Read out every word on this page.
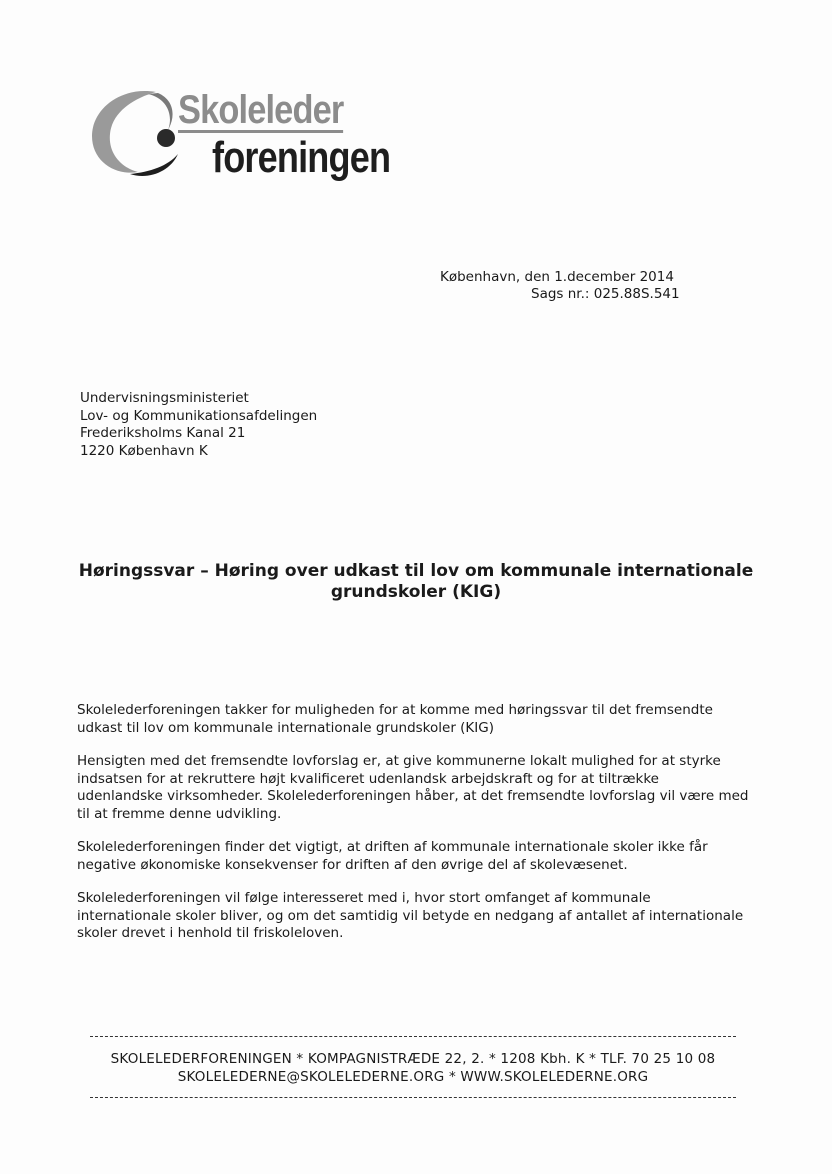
Skoleleder
foreningen
København, den 1.december 2014
Sags nr.: 025.88S.541
Undervisningsministeriet
Lov- og Kommunikationsafdelingen
Frederiksholms Kanal 21
1220 København K
Høringssvar – Høring over udkast til lov om kommunale internationale
grundskoler (KIG)

Skolelederforeningen takker for muligheden for at komme med høringssvar til det fremsendte udkast til lov om kommunale internationale grundskoler (KIG)

Hensigten med det fremsendte lovforslag er, at give kommunerne lokalt mulighed for at styrke indsatsen for at rekruttere højt kvalificeret udenlandsk arbejdskraft og for at tiltrække udenlandske virksomheder. Skolelederforeningen håber, at det fremsendte lovforslag vil være med til at fremme denne udvikling.

Skolelederforeningen finder det vigtigt, at driften af kommunale internationale skoler ikke får negative økonomiske konsekvenser for driften af den øvrige del af skolevæsenet.

Skolelederforeningen vil følge interesseret med i, hvor stort omfanget af kommunale internationale skoler bliver, og om det samtidig vil betyde en nedgang af antallet af internationale skoler drevet i henhold til friskoleloven.

SKOLELEDERFORENINGEN * KOMPAGNISTRÆDE 22, 2. * 1208 Kbh. K * TLF. 70 25 10 08
SKOLELEDERNE@SKOLELEDERNE.ORG * WWW.SKOLELEDERNE.ORG
